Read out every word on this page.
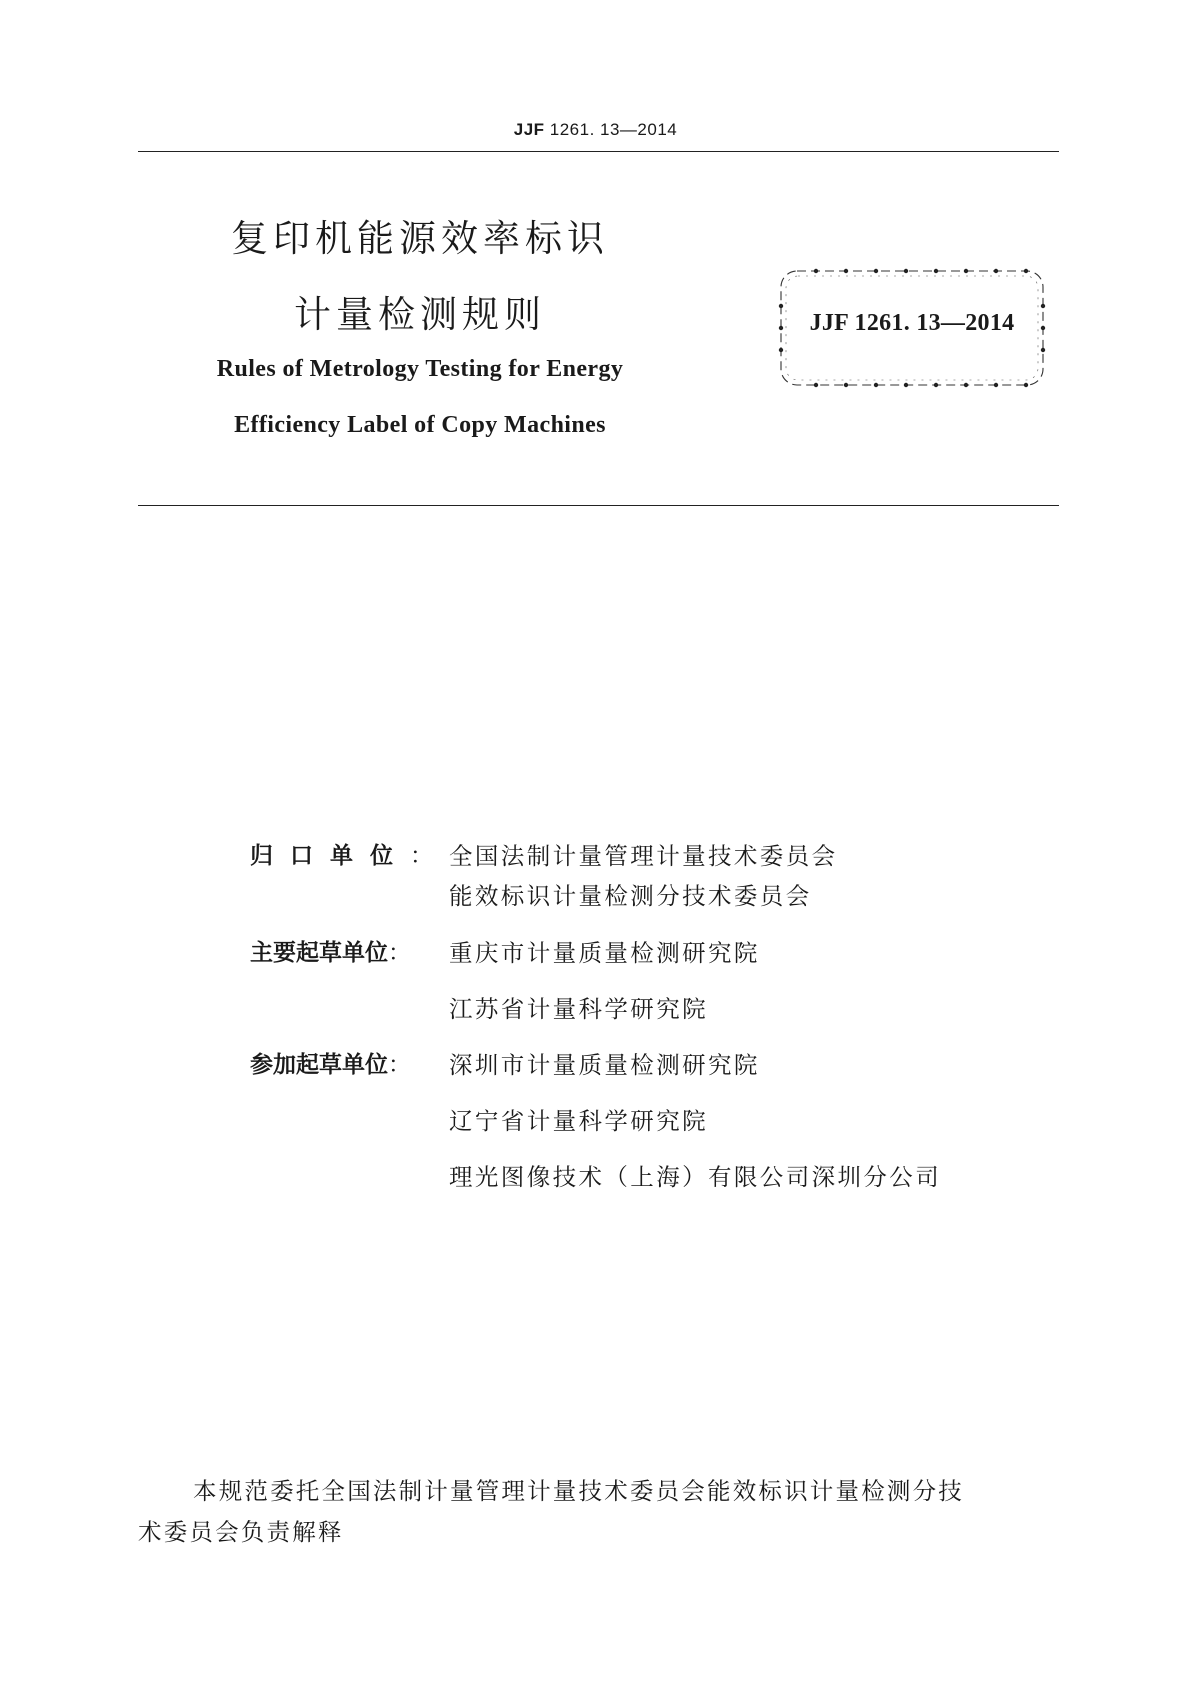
JJF 1261. 13—2014
复印机能源效率标识
计量检测规则
Rules of Metrology Testing for Energy
Efficiency Label of Copy Machines
JJF 1261. 13—2014
归口单位： 全国法制计量管理计量技术委员会
能效标识计量检测分技术委员会
主要起草单位：	重庆市计量质量检测研究院
江苏省计量科学研究院
参加起草单位：	深圳市计量质量检测研究院
辽宁省计量科学研究院
理光图像技术（上海）有限公司深圳分公司
本规范委托全国法制计量管理计量技术委员会能效标识计量检测分技
术委员会负责解释
